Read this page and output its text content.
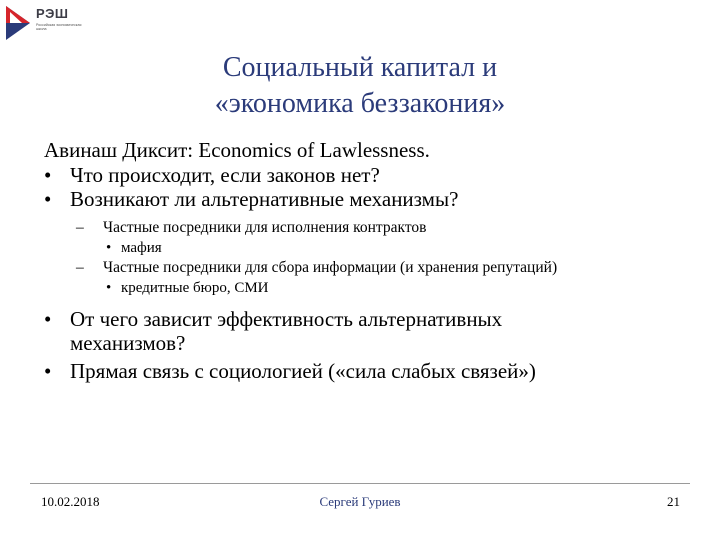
РЭШ
Российская экономическая школа
Социальный капитал и
«экономика беззакония»
Авинаш Диксит: Economics of Lawlessness.
• Что происходит, если законов нет?
• Возникают ли альтернативные механизмы?
– Частные посредники для исполнения контрактов
• мафия
– Частные посредники для сбора информации (и хранения репутаций)
• кредитные бюро, СМИ
• От чего зависит эффективность альтернативных механизмов?
• Прямая связь с социологией («сила слабых связей»)
10.02.2018	Сергей Гуриев	21
